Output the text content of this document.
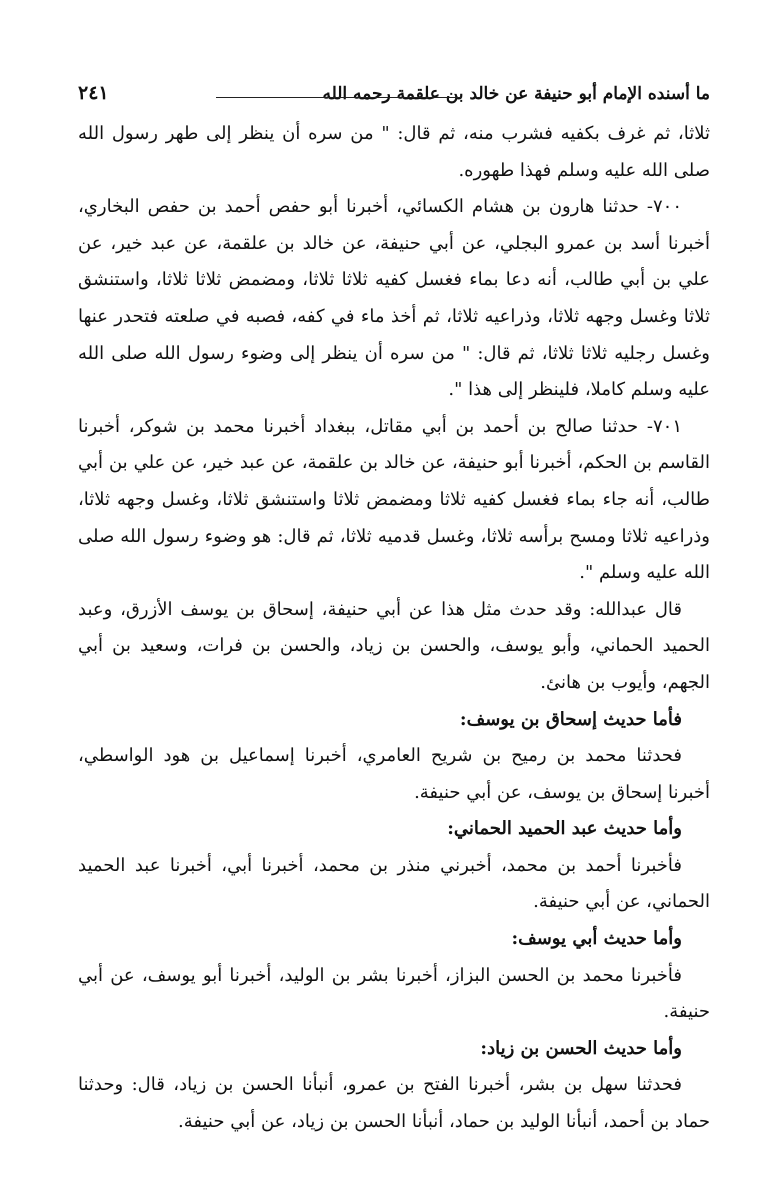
ما أسنده الإمام أبو حنيفة عن خالد بن علقمة رحمه الله
٢٤١

ثلاثا، ثم غرف بكفيه فشرب منه، ثم قال: " من سره أن ينظر إلى طهر رسول الله صلى الله عليه وسلم فهذا طهوره.

٧٠٠- حدثنا هارون بن هشام الكسائي، أخبرنا أبو حفص أحمد بن حفص البخاري، أخبرنا أسد بن عمرو البجلي، عن أبي حنيفة، عن خالد بن علقمة، عن عبد خير، عن علي بن أبي طالب، أنه دعا بماء فغسل كفيه ثلاثا ثلاثا، ومضمض ثلاثا ثلاثا، واستنشق ثلاثا وغسل وجهه ثلاثا، وذراعيه ثلاثا، ثم أخذ ماء في كفه، فصبه في صلعته فتحدر عنها وغسل رجليه ثلاثا ثلاثا، ثم قال: " من سره أن ينظر إلى وضوء رسول الله صلى الله عليه وسلم كاملا، فلينظر إلى هذا ".

٧٠١- حدثنا صالح بن أحمد بن أبي مقاتل، ببغداد أخبرنا محمد بن شوكر، أخبرنا القاسم بن الحكم، أخبرنا أبو حنيفة، عن خالد بن علقمة، عن عبد خير، عن علي بن أبي طالب، أنه جاء بماء فغسل كفيه ثلاثا ومضمض ثلاثا واستنشق ثلاثا، وغسل وجهه ثلاثا، وذراعيه ثلاثا ومسح برأسه ثلاثا، وغسل قدميه ثلاثا، ثم قال: هو وضوء رسول الله صلى الله عليه وسلم ".

قال عبدالله: وقد حدث مثل هذا عن أبي حنيفة، إسحاق بن يوسف الأزرق، وعبد الحميد الحماني، وأبو يوسف، والحسن بن زياد، والحسن بن فرات، وسعيد بن أبي الجهم، وأيوب بن هانئ.

فأما حديث إسحاق بن يوسف:

فحدثنا محمد بن رميح بن شريح العامري، أخبرنا إسماعيل بن هود الواسطي، أخبرنا إسحاق بن يوسف، عن أبي حنيفة.

وأما حديث عبد الحميد الحماني:

فأخبرنا أحمد بن محمد، أخبرني منذر بن محمد، أخبرنا أبي، أخبرنا عبد الحميد الحماني، عن أبي حنيفة.

وأما حديث أبي يوسف:

فأخبرنا محمد بن الحسن البزاز، أخبرنا بشر بن الوليد، أخبرنا أبو يوسف، عن أبي حنيفة.

وأما حديث الحسن بن زياد:

فحدثنا سهل بن بشر، أخبرنا الفتح بن عمرو، أنبأنا الحسن بن زياد، قال: وحدثنا حماد بن أحمد، أنبأنا الوليد بن حماد، أنبأنا الحسن بن زياد، عن أبي حنيفة.
